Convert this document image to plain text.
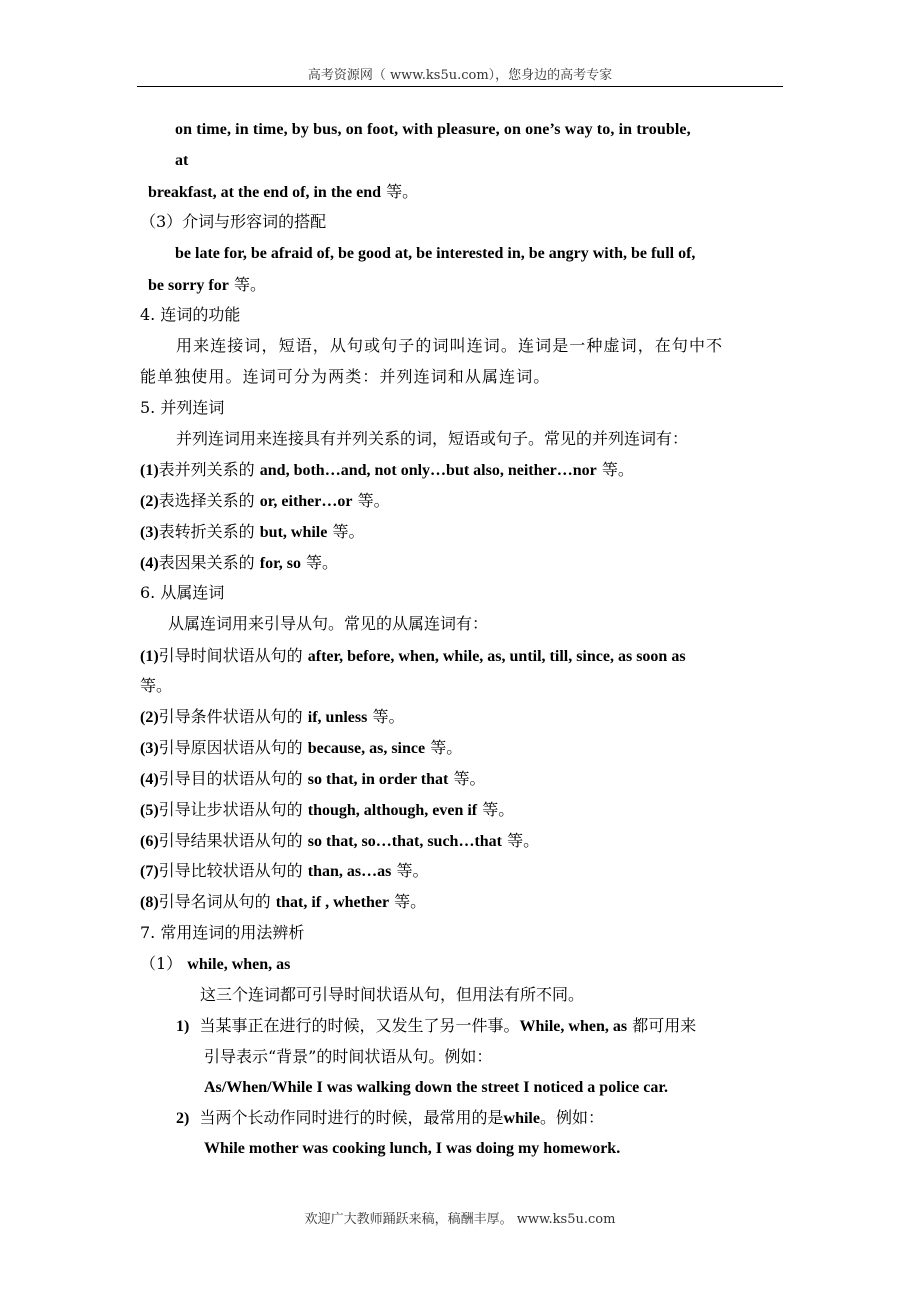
高考资源网（ www.ks5u.com），您身边的高考专家
on time, in time, by bus, on foot, with pleasure, on one’s way to, in trouble,
at
breakfast, at the end of, in the end 等。
（3）介词与形容词的搭配
be late for, be afraid of, be good at, be interested in, be angry with, be full of,
be sorry for 等。
4. 连词的功能
用来连接词，短语，从句或句子的词叫连词。连词是一种虚词，在句中不
能单独使用。连词可分为两类：并列连词和从属连词。
5. 并列连词
并列连词用来连接具有并列关系的词，短语或句子。常见的并列连词有：
(1)表并列关系的 and, both…and, not only…but also, neither…nor 等。
(2)表选择关系的 or, either…or 等。
(3)表转折关系的 but, while 等。
(4)表因果关系的 for, so 等。
6. 从属连词
从属连词用来引导从句。常见的从属连词有：
(1)引导时间状语从句的 after, before, when, while, as, until, till, since, as soon as
等。
(2)引导条件状语从句的 if, unless 等。
(3)引导原因状语从句的 because, as, since 等。
(4)引导目的状语从句的 so that, in order that 等。
(5)引导让步状语从句的 though, although, even if 等。
(6)引导结果状语从句的 so that, so…that, such…that 等。
(7)引导比较状语从句的 than, as…as 等。
(8)引导名词从句的 that, if , whether 等。
7. 常用连词的用法辨析
（1） while, when, as
这三个连词都可引导时间状语从句，但用法有所不同。
1) 当某事正在进行的时候，又发生了另一件事。While, when, as 都可用来
引导表示“背景”的时间状语从句。例如：
As/When/While I was walking down the street I noticed a police car.
2) 当两个长动作同时进行的时候，最常用的是while。例如：
While mother was cooking lunch, I was doing my homework.
欢迎广大教师踊跃来稿，稿酬丰厚。 www.ks5u.com
